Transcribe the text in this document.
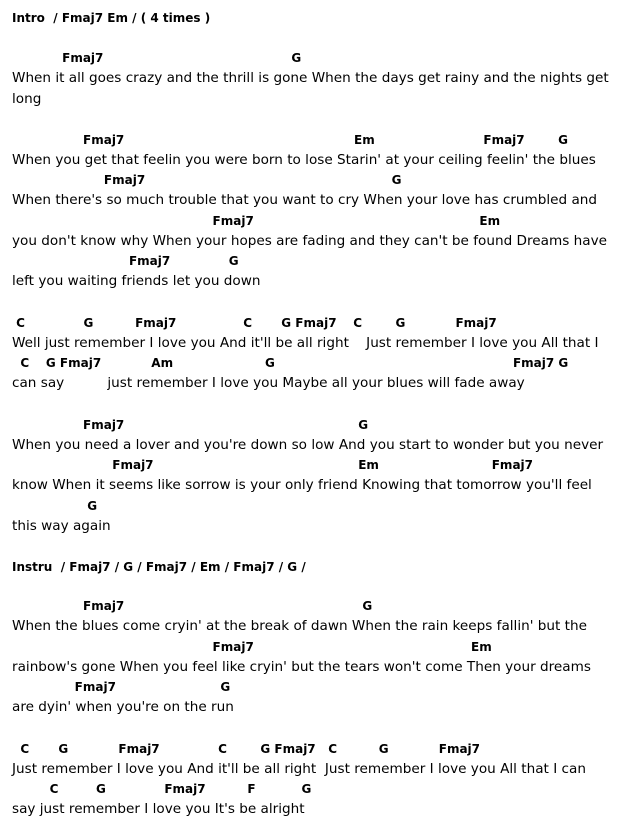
Intro  / Fmaj7 Em / ( 4 times )
Fmaj7                                             G
When it all goes crazy and the thrill is gone When the days get rainy and the nights get
long
Fmaj7                                                       Em                          Fmaj7        G
When you get that feelin you were born to lose Starin' at your ceiling feelin' the blues
Fmaj7                                                           G
When there's so much trouble that you want to cry When your love has crumbled and
Fmaj7                                                      Em
you don't know why When your hopes are fading and they can't be found Dreams have
Fmaj7              G
left you waiting friends let you down
C              G          Fmaj7                C       G Fmaj7    C        G            Fmaj7
Well just remember I love you And it'll be all right    Just remember I love you All that I
C    G Fmaj7            Am                      G                                                         Fmaj7 G
can say          just remember I love you Maybe all your blues will fade away
Fmaj7                                                        G
When you need a lover and you're down so low And you start to wonder but you never
Fmaj7                                                 Em                           Fmaj7
know When it seems like sorrow is your only friend Knowing that tomorrow you'll feel
G
this way again
Instru  / Fmaj7 / G / Fmaj7 / Em / Fmaj7 / G /
Fmaj7                                                         G
When the blues come cryin' at the break of dawn When the rain keeps fallin' but the
Fmaj7                                                    Em
rainbow's gone When you feel like cryin' but the tears won't come Then your dreams
Fmaj7                         G
are dyin' when you're on the run
C       G            Fmaj7              C        G Fmaj7   C          G            Fmaj7
Just remember I love you And it'll be all right  Just remember I love you All that I can
C         G              Fmaj7          F           G
say just remember I love you It's be alright
